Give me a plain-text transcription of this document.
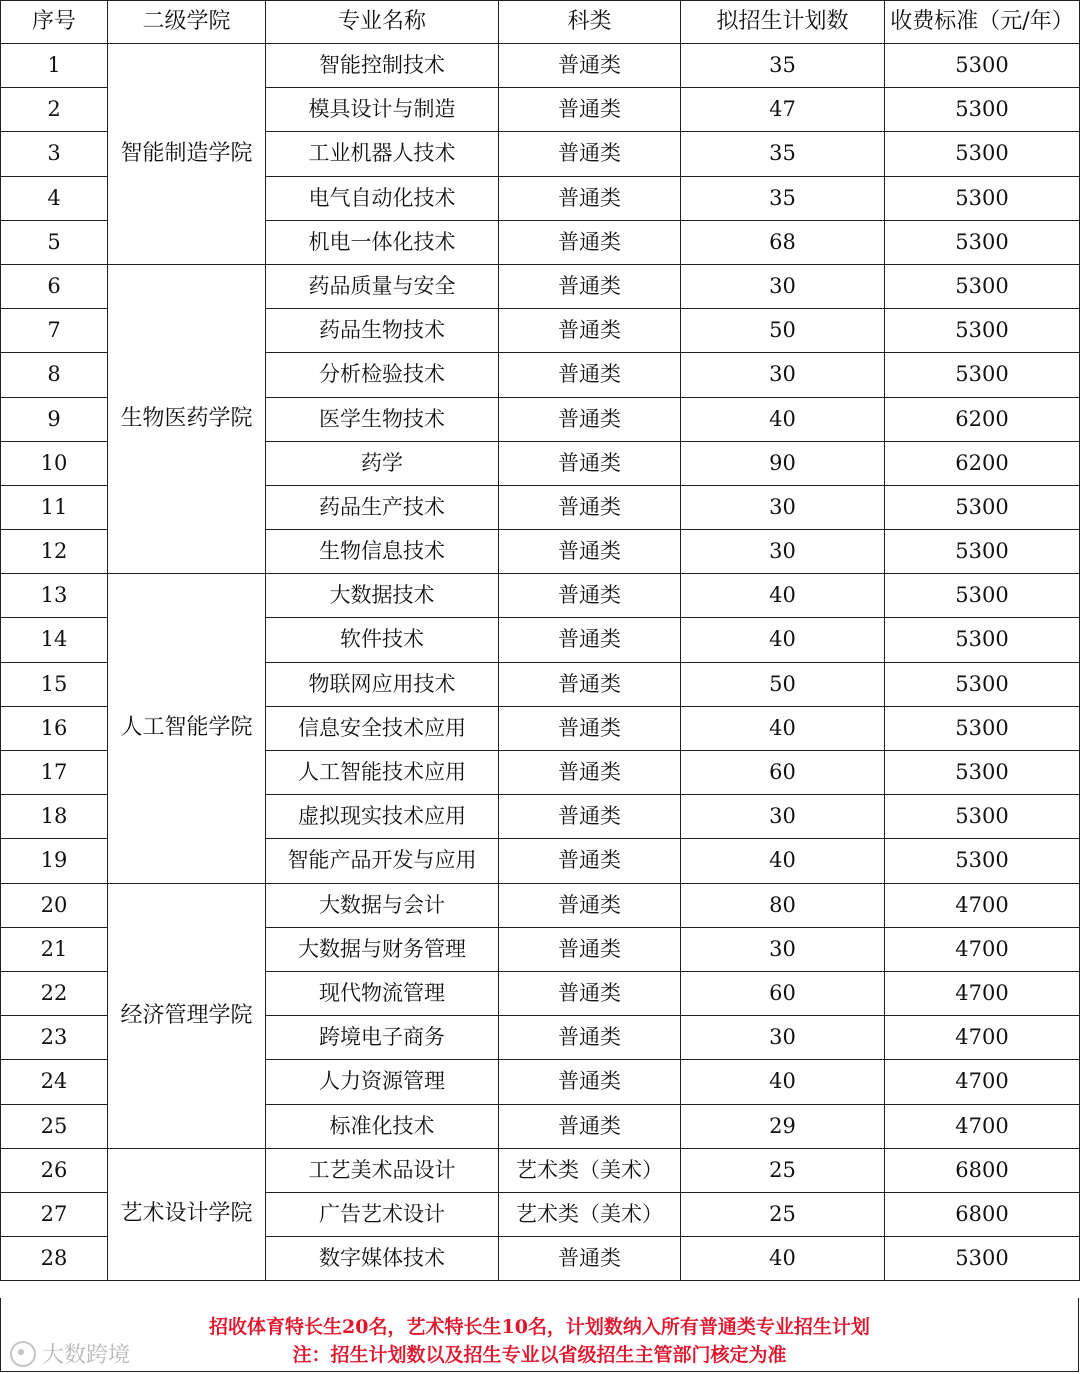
序号	二级学院	专业名称	科类	拟招生计划数	收费标准（元/年）
1	智能制造学院	智能控制技术	普通类	35	5300
2		模具设计与制造	普通类	47	5300
3		工业机器人技术	普通类	35	5300
4		电气自动化技术	普通类	35	5300
5		机电一体化技术	普通类	68	5300
6	生物医药学院	药品质量与安全	普通类	30	5300
7		药品生物技术	普通类	50	5300
8		分析检验技术	普通类	30	5300
9		医学生物技术	普通类	40	6200
10		药学	普通类	90	6200
11		药品生产技术	普通类	30	5300
12		生物信息技术	普通类	30	5300
13	人工智能学院	大数据技术	普通类	40	5300
14		软件技术	普通类	40	5300
15		物联网应用技术	普通类	50	5300
16		信息安全技术应用	普通类	40	5300
17		人工智能技术应用	普通类	60	5300
18		虚拟现实技术应用	普通类	30	5300
19		智能产品开发与应用	普通类	40	5300
20	经济管理学院	大数据与会计	普通类	80	4700
21		大数据与财务管理	普通类	30	4700
22		现代物流管理	普通类	60	4700
23		跨境电子商务	普通类	30	4700
24		人力资源管理	普通类	40	4700
25		标准化技术	普通类	29	4700
26	艺术设计学院	工艺美术品设计	艺术类（美术）	25	6800
27		广告艺术设计	艺术类（美术）	25	6800
28		数字媒体技术	普通类	40	5300
招收体育特长生20名，艺术特长生10名，计划数纳入所有普通类专业招生计划
注：招生计划数以及招生专业以省级招生主管部门核定为准
大数跨境
